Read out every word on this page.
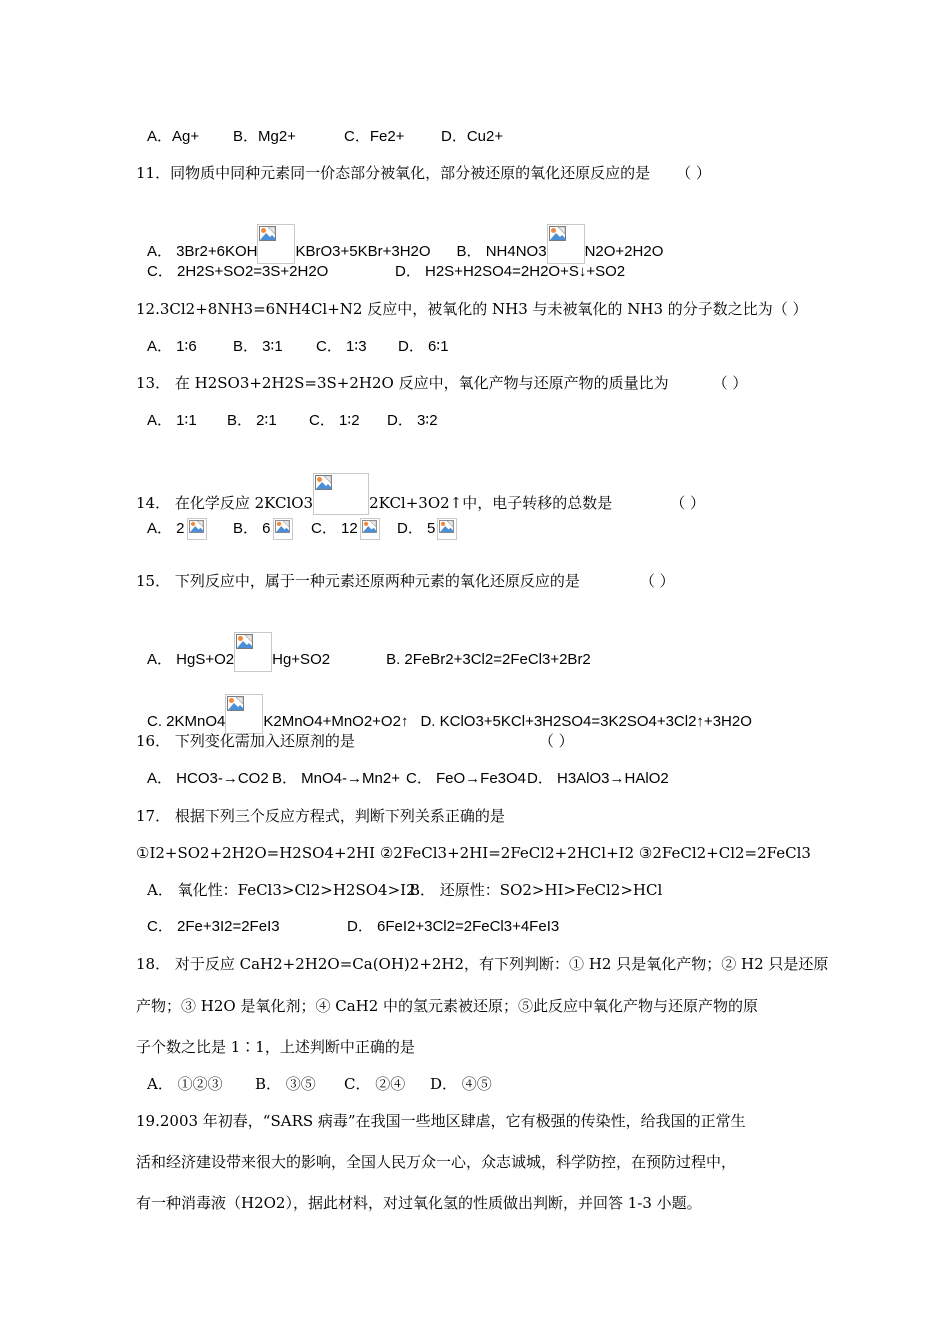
A．Ag+ B．Mg2+	C．Fe2+ D．Cu2+
11．同物质中同种元素同一价态部分被氧化，部分被还原的氧化还原反应的是 （ ）
A． 3Br2+6KOH	KBrO3+5KBr+3H2O B． NH4NO3	N2O+2H2O
C． 2H2S+SO2=3S+2H2O	D． H2S+H2SO4=2H2O+S↓+SO2
12.3Cl2+8NH3=6NH4Cl+N2 反应中，被氧化的 NH3 与未被氧化的 NH3 的分子数之比为（ ）
A． 1∶6 B． 3∶1 C． 1∶3 D． 6∶1
13． 在 H2SO3+2H2S=3S+2H2O 反应中，氧化产物与还原产物的质量比为	（ ）
A． 1∶1 B． 2∶1 C． 1∶2 D． 3∶2
14． 在化学反应 2KClO3	2KCl+3O2↑中，电子转移的总数是	（ ）
A． 2	B． 6	C． 12	D． 5
15． 下列反应中，属于一种元素还原两种元素的氧化还原反应的是	（ ）
A． HgS+O2	Hg+SO2	B. 2FeBr2+3Cl2=2FeCl3+2Br2
C. 2KMnO4	K2MnO4+MnO2+O2↑ D. KClO3+5KCl+3H2SO4=3K2SO4+3Cl2↑+3H2O
16． 下列变化需加入还原剂的是	（ ）
A． HCO3-→CO2 B． MnO4-→Mn2+ C． FeO→Fe3O4D． H3AlO3→HAlO2
17． 根据下列三个反应方程式，判断下列关系正确的是
①I2+SO2+2H2O=H2SO4+2HI ②2FeCl3+2HI=2FeCl2+2HCl+I2 ③2FeCl2+Cl2=2FeCl3
A． 氧化性：FeCl3>Cl2>H2SO4>I2B． 还原性：SO2>HI>FeCl2>HCl
C． 2Fe+3I2=2FeI3	D． 6FeI2+3Cl2=2FeCl3+4FeI3
18． 对于反应 CaH2+2H2O=Ca(OH)2+2H2，有下列判断：① H2 只是氧化产物；② H2 只是还原
产物；③ H2O 是氧化剂；④ CaH2 中的氢元素被还原；⑤此反应中氧化产物与还原产物的原
子个数之比是 1∶1，上述判断中正确的是
A． ①②③ B． ③⑤ C． ②④ D． ④⑤
19.2003 年初春，“SARS 病毒”在我国一些地区肆虐，它有极强的传染性，给我国的正常生
活和经济建设带来很大的影响，全国人民万众一心，众志诚城，科学防控，在预防过程中，
有一种消毒液（H2O2），据此材料，对过氧化氢的性质做出判断，并回答 1-3 小题。
